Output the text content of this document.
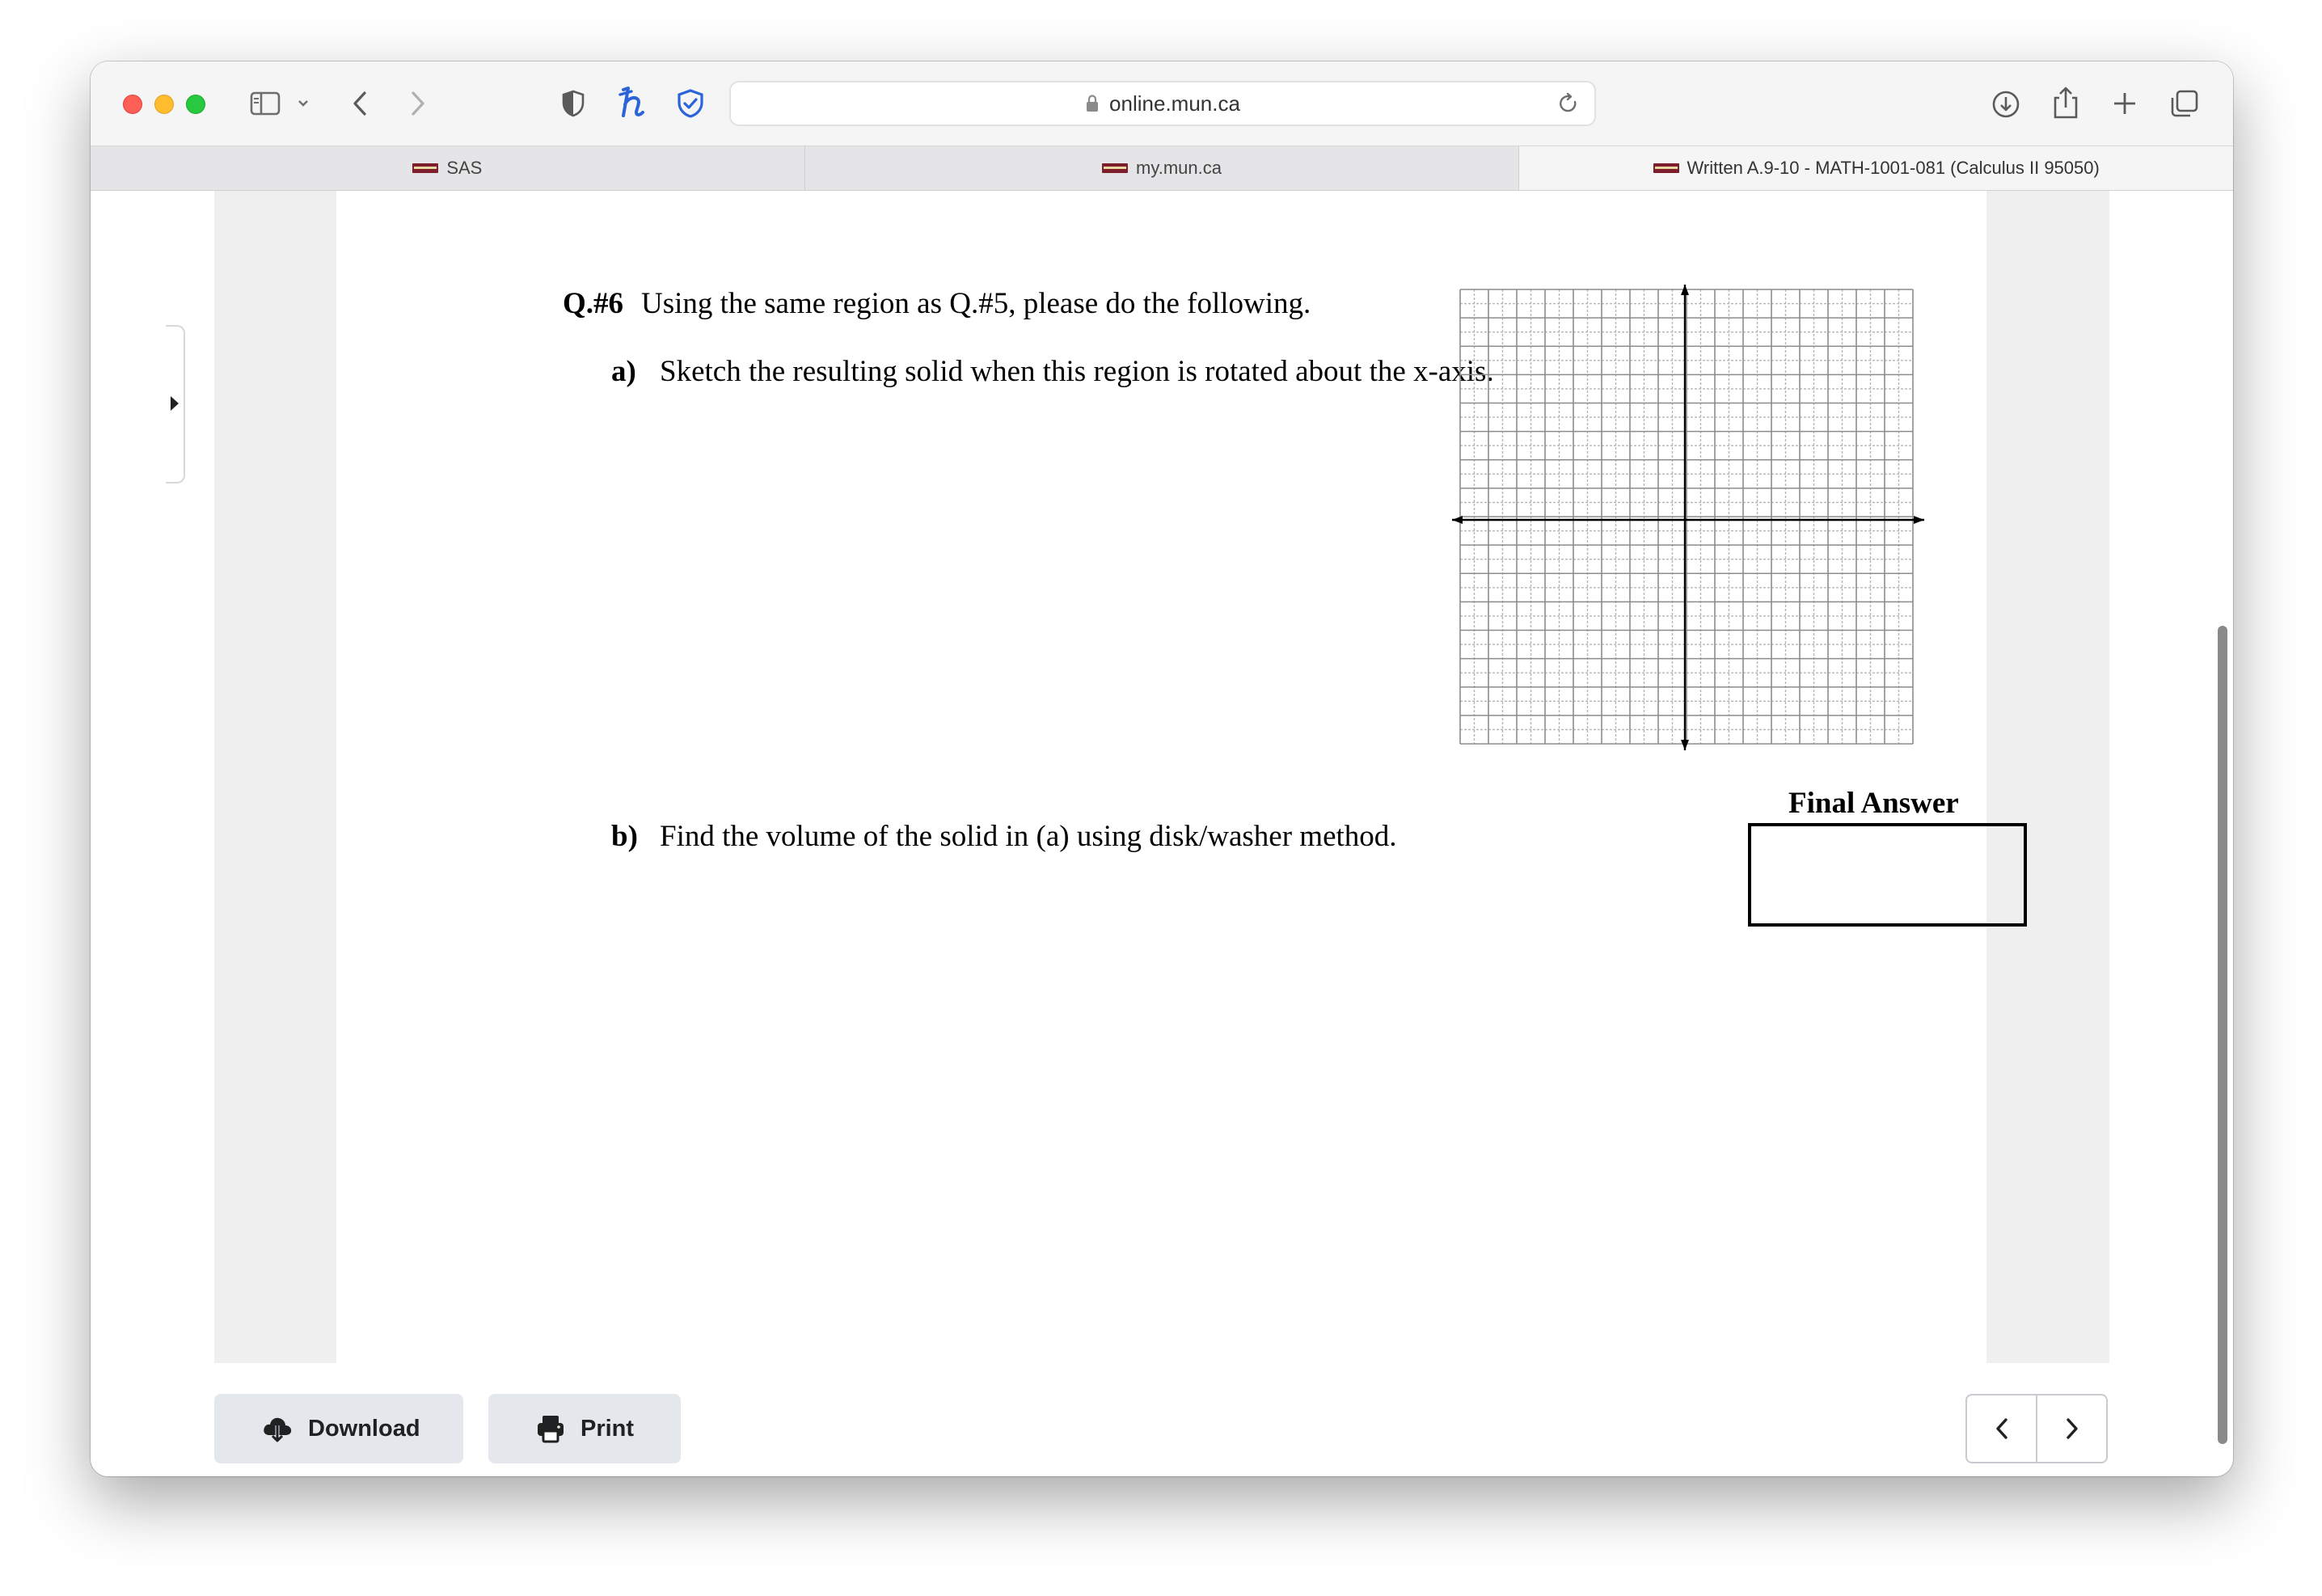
online.mun.ca
SAS	my.mun.ca	Written A.9-10 - MATH-1001-081 (Calculus II 95050)
Q.#6 Using the same region as Q.#5, please do the following.
a) Sketch the resulting solid when this region is rotated about the x-axis.
b) Find the volume of the solid in (a) using disk/washer method.
Final Answer
Download	Print
